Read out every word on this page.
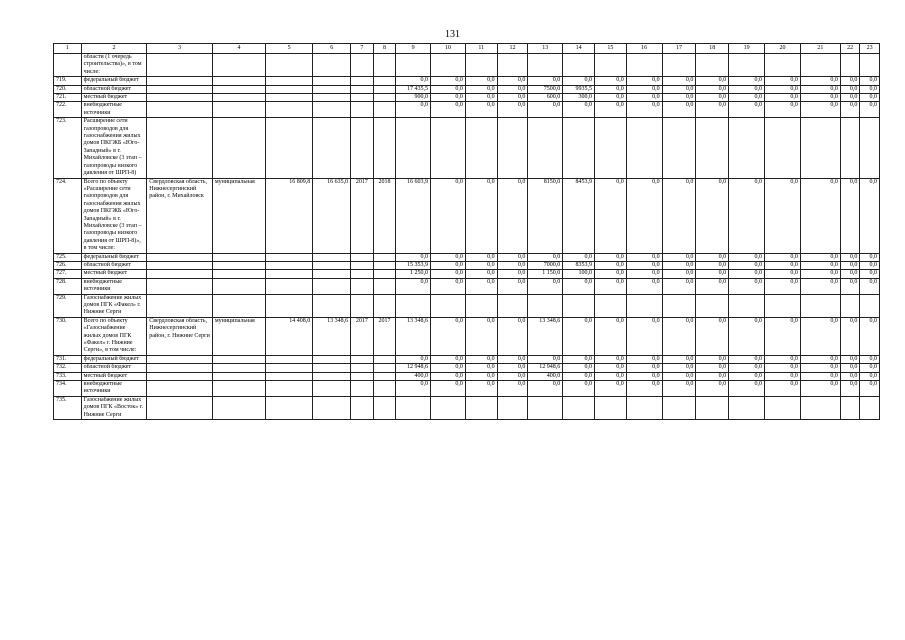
131
1	2	3	4	5	6	7	8	9	10	11	12	13	14	15	16	17	18	19	20	21	22	23
	области (1 очередь строительства)», в том числе:																					
719.	федеральный бюджет							0,0	0,0	0,0	0,0	0,0	0,0	0,0	0,0	0,0	0,0	0,0	0,0	0,0	0,0	0,0
720.	областной бюджет							17 435,5	0,0	0,0	0,0	7500,0	9935,5	0,0	0,0	0,0	0,0	0,0	0,0	0,0	0,0	0,0
721.	местный бюджет							900,0	0,0	0,0	0,0	600,0	300,0	0,0	0,0	0,0	0,0	0,0	0,0	0,0	0,0	0,0
722.	внебюджетные источники							0,0	0,0	0,0	0,0	0,0	0,0	0,0	0,0	0,0	0,0	0,0	0,0	0,0	0,0	0,0
723.	Расширение сети газопроводов для газоснабжения жилых домов ПКГЖБ «Юго-Западный» в г. Михайловске (3 этап – газопроводы низкого давления от ШРП-8)																					
724.	Всего по объекту «Расширение сети газопроводов для газоснабжения жилых домов ПКГЖБ «Юго-Западный» в г. Михайловске (3 этап – газопроводы низкого давления от ШРП-8)», в том числе:	Свердловская область, Нижнесергинский район, г. Михайловск	муниципальная	16 809,8	16 635,0	2017	2018	16 603,9	0,0	0,0	0,0	8150,0	8453,9	0,0	0,0	0,0	0,0	0,0	0,0	0,0	0,0	0,0
725.	федеральный бюджет							0,0	0,0	0,0	0,0	0,0	0,0	0,0	0,0	0,0	0,0	0,0	0,0	0,0	0,0	0,0
726.	областной бюджет							15 353,9	0,0	0,0	0,0	7000,0	8353,9	0,0	0,0	0,0	0,0	0,0	0,0	0,0	0,0	0,0
727.	местный бюджет							1 250,0	0,0	0,0	0,0	1 150,0	100,0	0,0	0,0	0,0	0,0	0,0	0,0	0,0	0,0	0,0
728.	внебюджетные источники							0,0	0,0	0,0	0,0	0,0	0,0	0,0	0,0	0,0	0,0	0,0	0,0	0,0	0,0	0,0
729.	Газоснабжение жилых домов ПГК «Факел» г. Нижние Серги																					
730.	Всего по объекту «Газоснабжение жилых домов ПГК «Факел» г. Нижние Серги», в том числе:	Свердловская область, Нижнесергинский район, г. Нижние Серги	муниципальная	14 408,0	13 348,6	2017	2017	13 348,6	0,0	0,0	0,0	13 348,6	0,0	0,0	0,0	0,0	0,0	0,0	0,0	0,0	0,0	0,0
731.	федеральный бюджет							0,0	0,0	0,0	0,0	0,0	0,0	0,0	0,0	0,0	0,0	0,0	0,0	0,0	0,0	0,0
732.	областной бюджет							12 948,6	0,0	0,0	0,0	12 948,6	0,0	0,0	0,0	0,0	0,0	0,0	0,0	0,0	0,0	0,0
733.	местный бюджет							400,0	0,0	0,0	0,0	400,0	0,0	0,0	0,0	0,0	0,0	0,0	0,0	0,0	0,0	0,0
734.	внебюджетные источники							0,0	0,0	0,0	0,0	0,0	0,0	0,0	0,0	0,0	0,0	0,0	0,0	0,0	0,0	0,0
735.	Газоснабжение жилых домов ПГК «Восток» г. Нижние Серги																					
